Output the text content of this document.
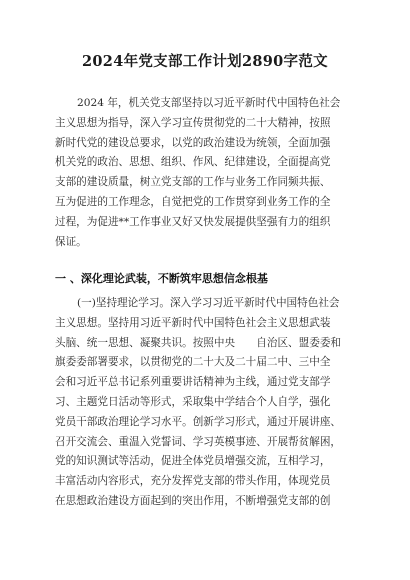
2024年党支部工作计划2890字范文
2024 年，机关党支部坚持以习近平新时代中国特色社会
主义思想为指导，深入学习宣传贯彻党的二十大精神，按照
新时代党的建设总要求，以党的政治建设为统领，全面加强
机关党的政治、思想、组织、作风、纪律建设，全面提高党
支部的建设质量，树立党支部的工作与业务工作同频共振、
互为促进的工作理念，自觉把党的工作贯穿到业务工作的全
过程，为促进**工作事业又好又快发展提供坚强有力的组织
保证。
一 、深化理论武装，不断筑牢思想信念根基
(一)坚持理论学习。深入学习习近平新时代中国特色社会
主义思想。坚持用习近平新时代中国特色社会主义思想武装
头脑、统一思想、凝聚共识。按照中央　　自治区、盟委委和
旗委委部署要求，以贯彻党的二十大及二十届二中、三中全
会和习近平总书记系列重要讲话精神为主线，通过党支部学
习、主题党日活动等形式，采取集中学结合个人自学，强化
党员干部政治理论学习水平。创新学习形式，通过开展讲座、
召开交流会、重温入党誓词、学习英模事迹、开展帮贫解困，
党的知识测试等活动，促进全体党员增强交流，互相学习，
丰富活动内容形式，充分发挥党支部的带头作用，体现党员
在思想政治建设方面起到的突出作用，不断增强党支部的创
